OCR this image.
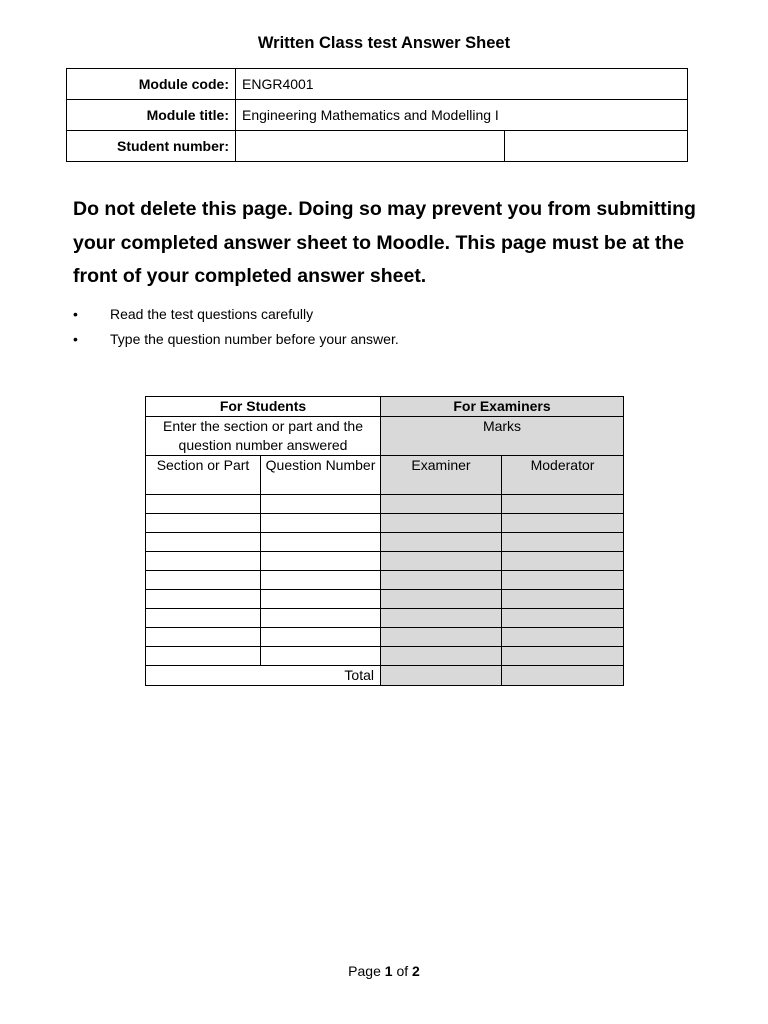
Written Class test Answer Sheet
Module code:	ENGR4001	
Module title:	Engineering Mathematics and Modelling I	
Student number:		
Do not delete this page. Doing so may prevent you from submitting your completed answer sheet to Moodle. This page must be at the front of your completed answer sheet.
•	Read the test questions carefully
•	Type the question number before your answer.
For Students		For Examiners	
Enter the section or part and the question number answered		Marks	
Section or Part	Question Number	Examiner	Moderator

Total			
Page 1 of 2
